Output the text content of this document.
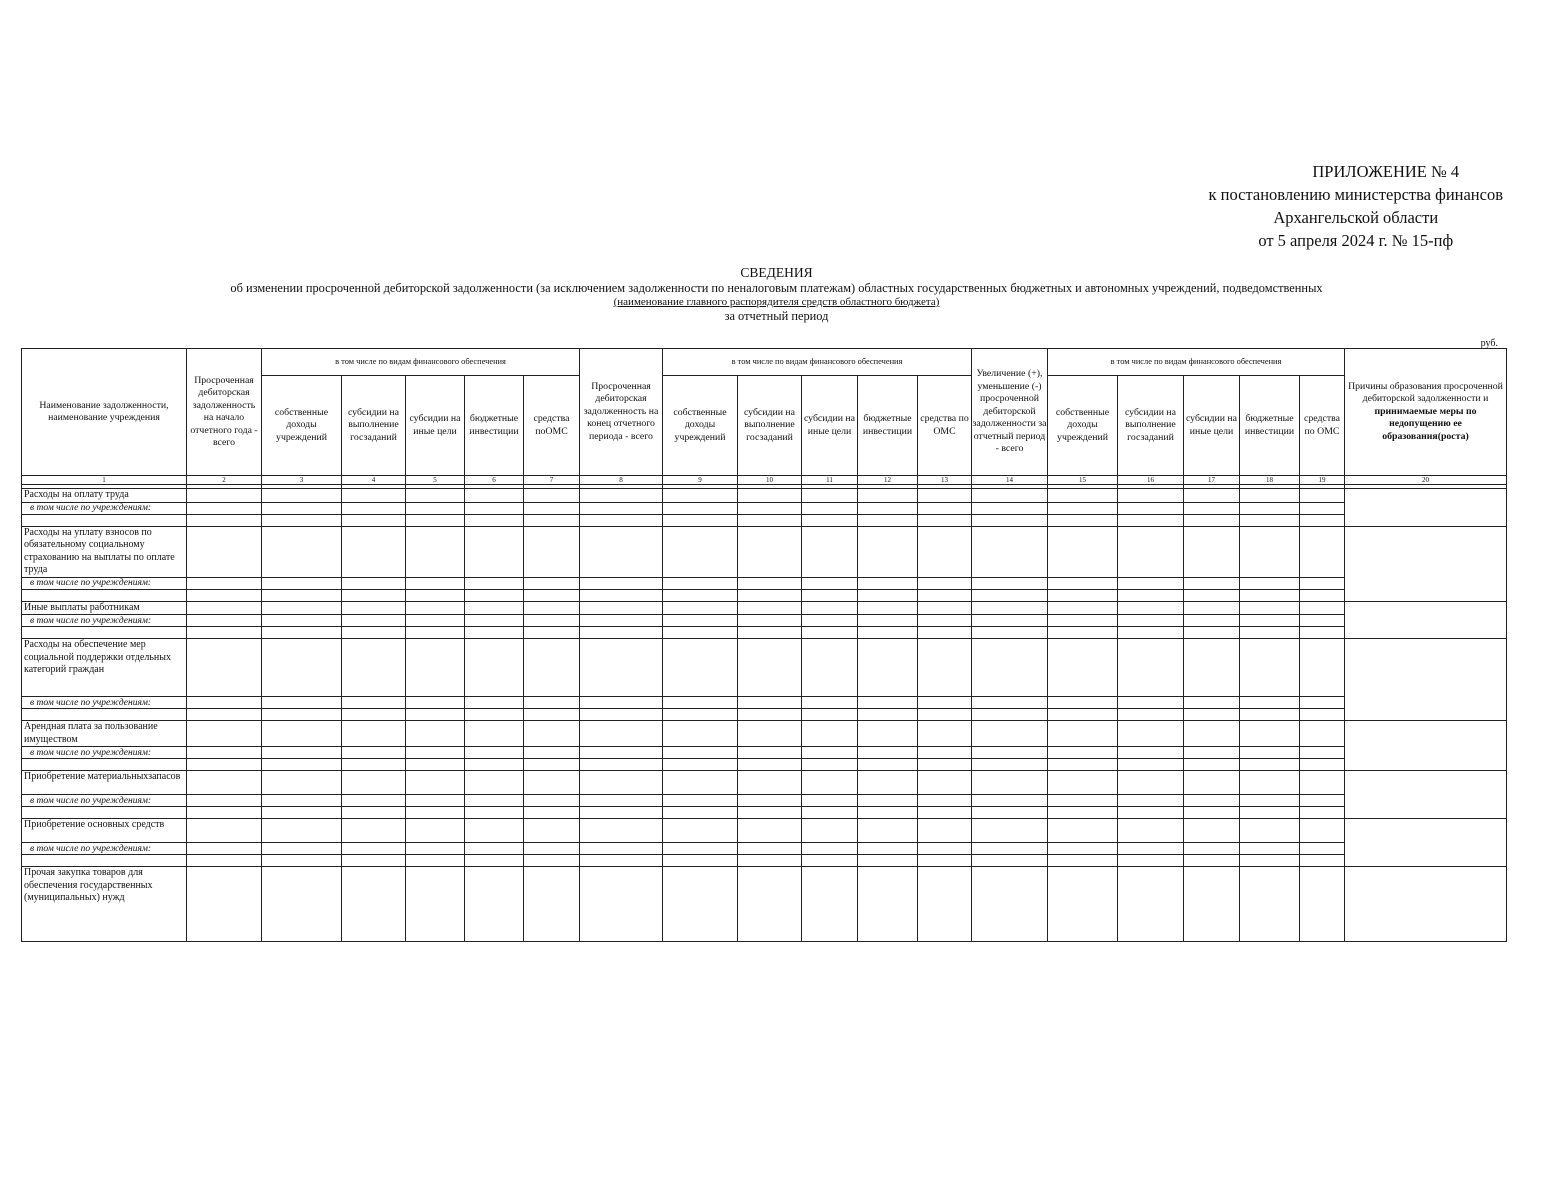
ПРИЛОЖЕНИЕ № 4
к постановлению министерства финансов
Архангельской области
от 5 апреля 2024 г. № 15-пф
СВЕДЕНИЯ
об изменении просроченной дебиторской задолженности (за исключением задолженности по неналоговым платежам) областных государственных бюджетных и автономных учреждений, подведомственных
(наименование главного распорядителя средств областного бюджета)
за отчетный период
руб.
Наименование задолженности, наименование учреждения	Просроченная дебиторская задолженность на начало отчетного года - всего	в том числе по видам финансового обеспечения					Просроченная дебиторская задолженность на конец отчетного периода - всего	в том числе по видам финансового обеспечения					Увеличение (+), уменьшение (-) просроченной дебиторской задолженности за отчетный период - всего	в том числе по видам финансового обеспечения					Причины образования просроченной дебиторской задолженности и принимаемые меры по недопущению ее образования(роста)
		собственные доходы учреждений	субсидии на выполнение госзаданий	субсидии на иные цели	бюджетные инвестиции	средства поОМС		собственные доходы учреждений	субсидии на выполнение госзаданий	субсидии на иные цели	бюджетные инвестиции	средства по ОМС		собственные доходы учреждений	субсидии на выполнение госзаданий	субсидии на иные цели	бюджетные инвестиции	средства по ОМС	
1	2	3	4	5	6	7	8	9	10	11	12	13	14	15	16	17	18	19	20

Расходы на оплату труда																			
в том числе по учреждениям:																			

Расходы на уплату взносов по обязательному социальному страхованию на выплаты по оплате труда																			
в том числе по учреждениям:																			

Иные выплаты работникам																			
в том числе по учреждениям:																			

Расходы на обеспечение мер социальной поддержки отдельных категорий граждан																			
в том числе по учреждениям:																			

Арендная плата за пользование имуществом																			
в том числе по учреждениям:																			

Приобретение материальныхзапасов																			
в том числе по учреждениям:																			

Приобретение основных средств																			
в том числе по учреждениям:																			

Прочая закупка товаров для обеспечения государственных (муниципальных) нужд																			
